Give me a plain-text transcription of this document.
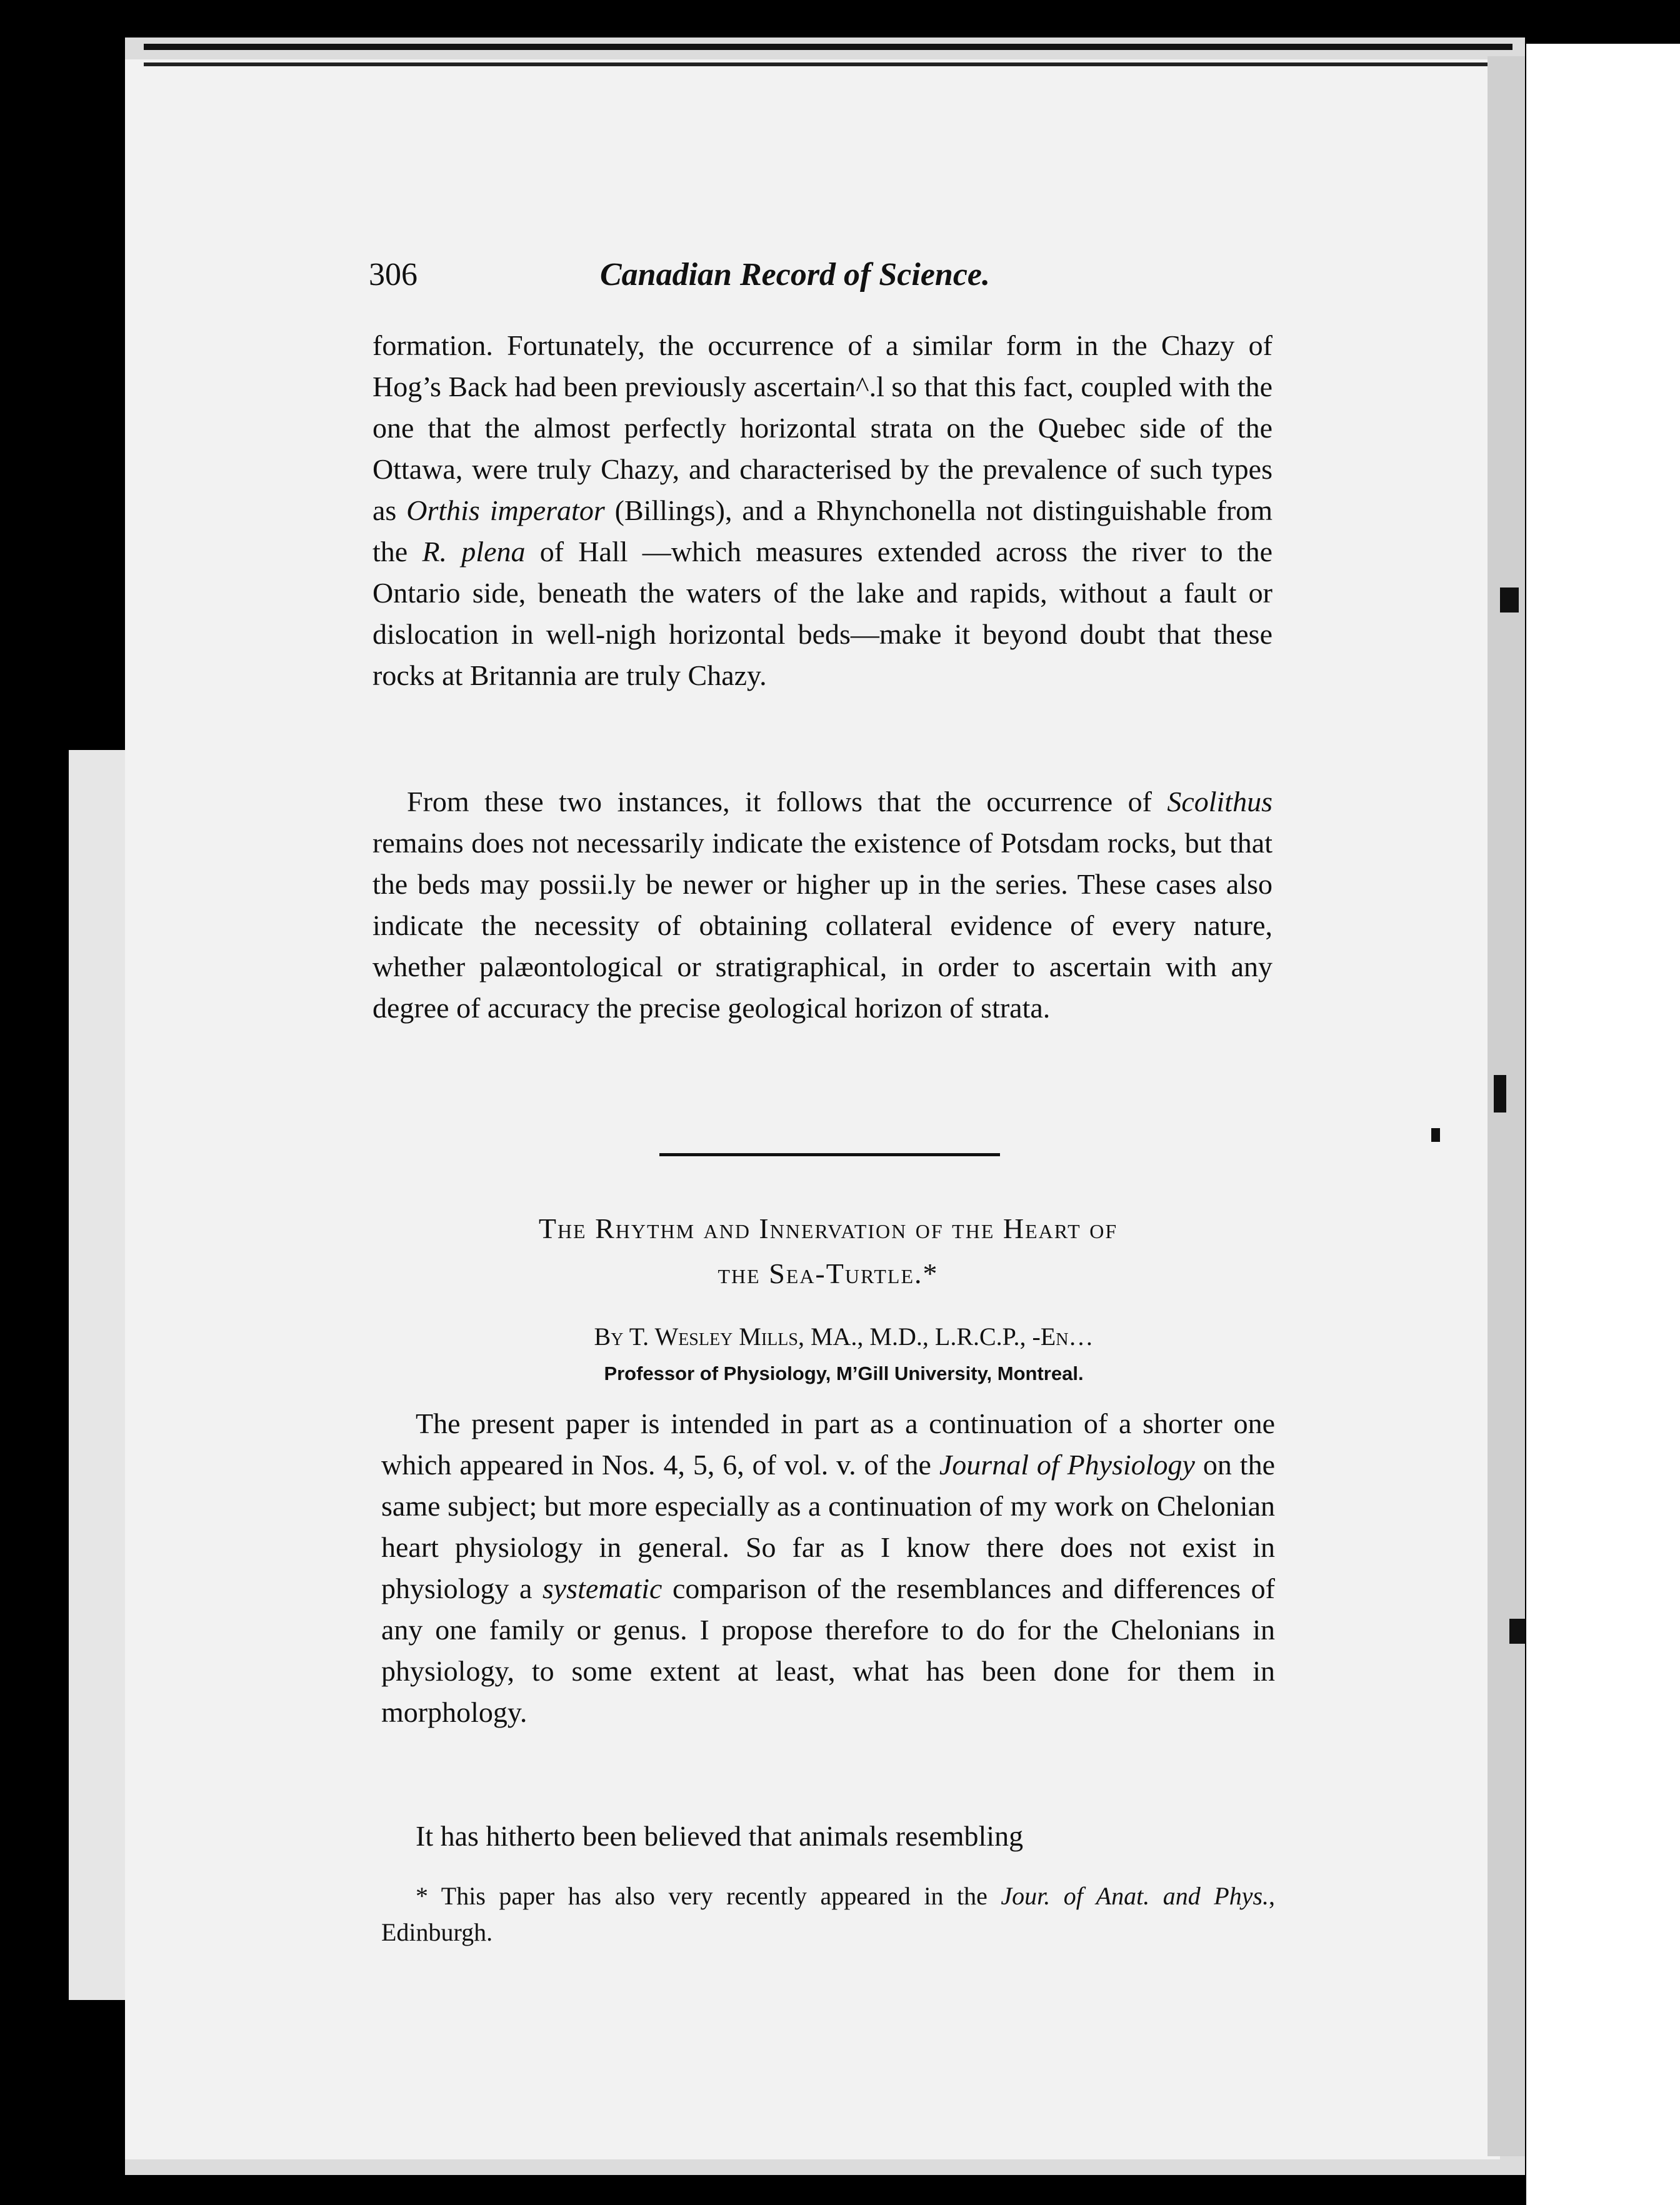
306	Canadian Record of Science.

formation. Fortunately, the occurrence of a similar form in the Chazy of Hog’s Back had been previously ascertain^.l so that this fact, coupled with the one that the almost perfectly horizontal strata on the Quebec side of the Ottawa, were truly Chazy, and characterised by the prevalence of such types as Orthis imperator (Billings), and a Rhynchonella not distinguishable from the R. plena of Hall —which measures extended across the river to the Ontario side, beneath the waters of the lake and rapids, without a fault or dislocation in well-nigh horizontal beds—make it beyond doubt that these rocks at Britannia are truly Chazy.

From these two instances, it follows that the occurrence of Scolithus remains does not necessarily indicate the existence of Potsdam rocks, but that the beds may possii.ly be newer or higher up in the series. These cases also indicate the necessity of obtaining collateral evidence of every nature, whether palæontological or stratigraphical, in order to ascertain with any degree of accuracy the precise geological horizon of strata.

The Rhythm and Innervation of the Heart of
the Sea-Turtle.*

By T. Wesley Mills, MA., M.D., L.R.C.P., ‑En…

Professor of Physiology, M’Gill University, Montreal.

The present paper is intended in part as a continuation of a shorter one which appeared in Nos. 4, 5, 6, of vol. v. of the Journal of Physiology on the same subject; but more especially as a continuation of my work on Chelonian heart physiology in general. So far as I know there does not exist in physiology a systematic comparison of the resemblances and differences of any one family or genus. I propose therefore to do for the Chelonians in physiology, to some extent at least, what has been done for them in morphology.

It has hitherto been believed that animals resembling

* This paper has also very recently appeared in the Jour. of Anat. and Phys., Edinburgh.
